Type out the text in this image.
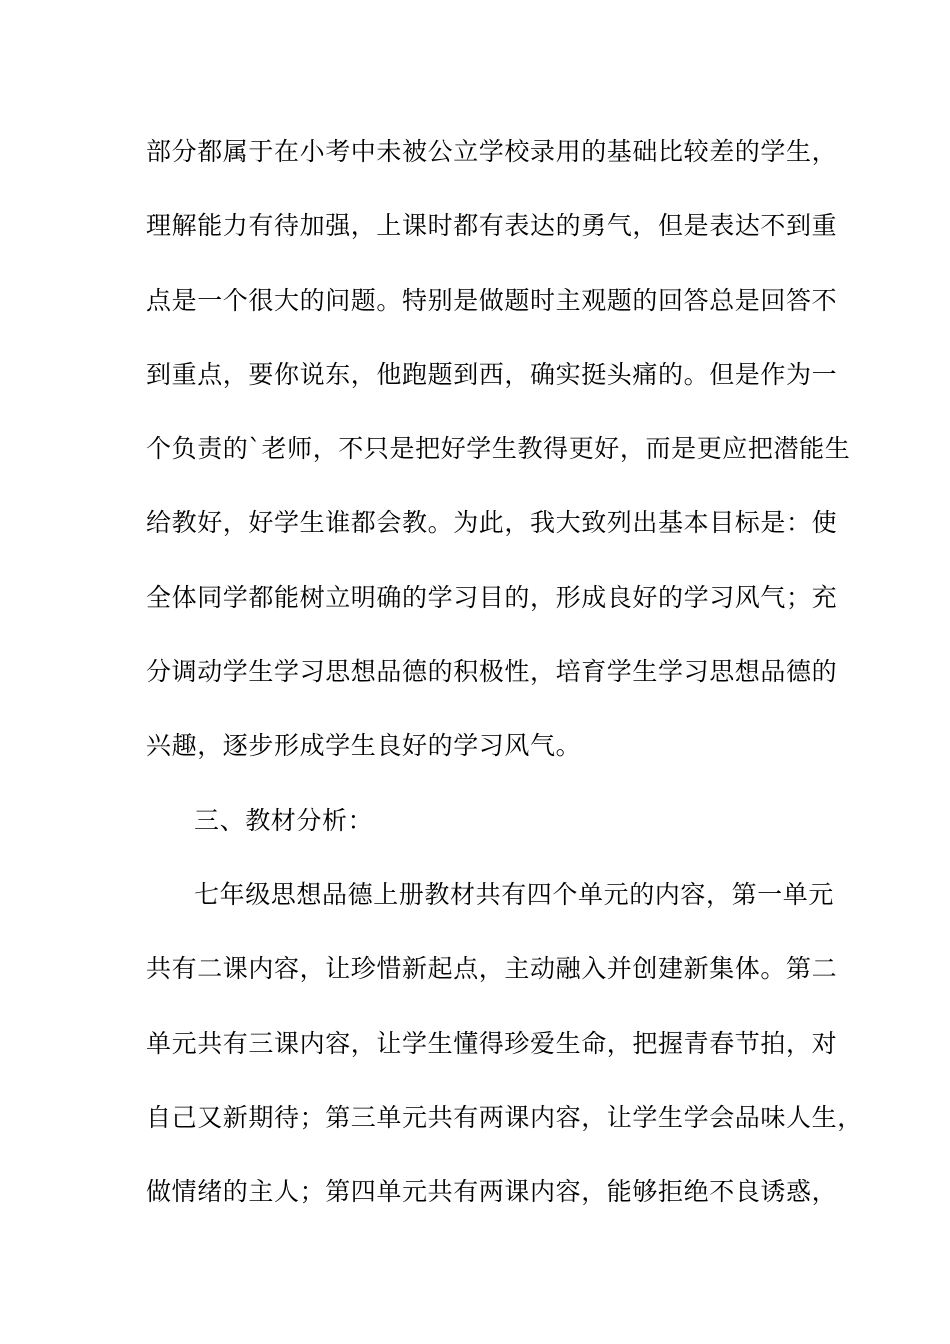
部分都属于在小考中未被公立学校录用的基础比较差的学生，
理解能力有待加强，上课时都有表达的勇气，但是表达不到重
点是一个很大的问题。特别是做题时主观题的回答总是回答不
到重点，要你说东，他跑题到西，确实挺头痛的。但是作为一
个负责的`老师，不只是把好学生教得更好，而是更应把潜能生
给教好，好学生谁都会教。为此，我大致列出基本目标是：使
全体同学都能树立明确的学习目的，形成良好的学习风气；充
分调动学生学习思想品德的积极性，培育学生学习思想品德的
兴趣，逐步形成学生良好的学习风气。
三、教材分析：
七年级思想品德上册教材共有四个单元的内容，第一单元
共有二课内容，让珍惜新起点，主动融入并创建新集体。第二
单元共有三课内容，让学生懂得珍爱生命，把握青春节拍，对
自己又新期待；第三单元共有两课内容，让学生学会品味人生，
做情绪的主人；第四单元共有两课内容，能够拒绝不良诱惑，
